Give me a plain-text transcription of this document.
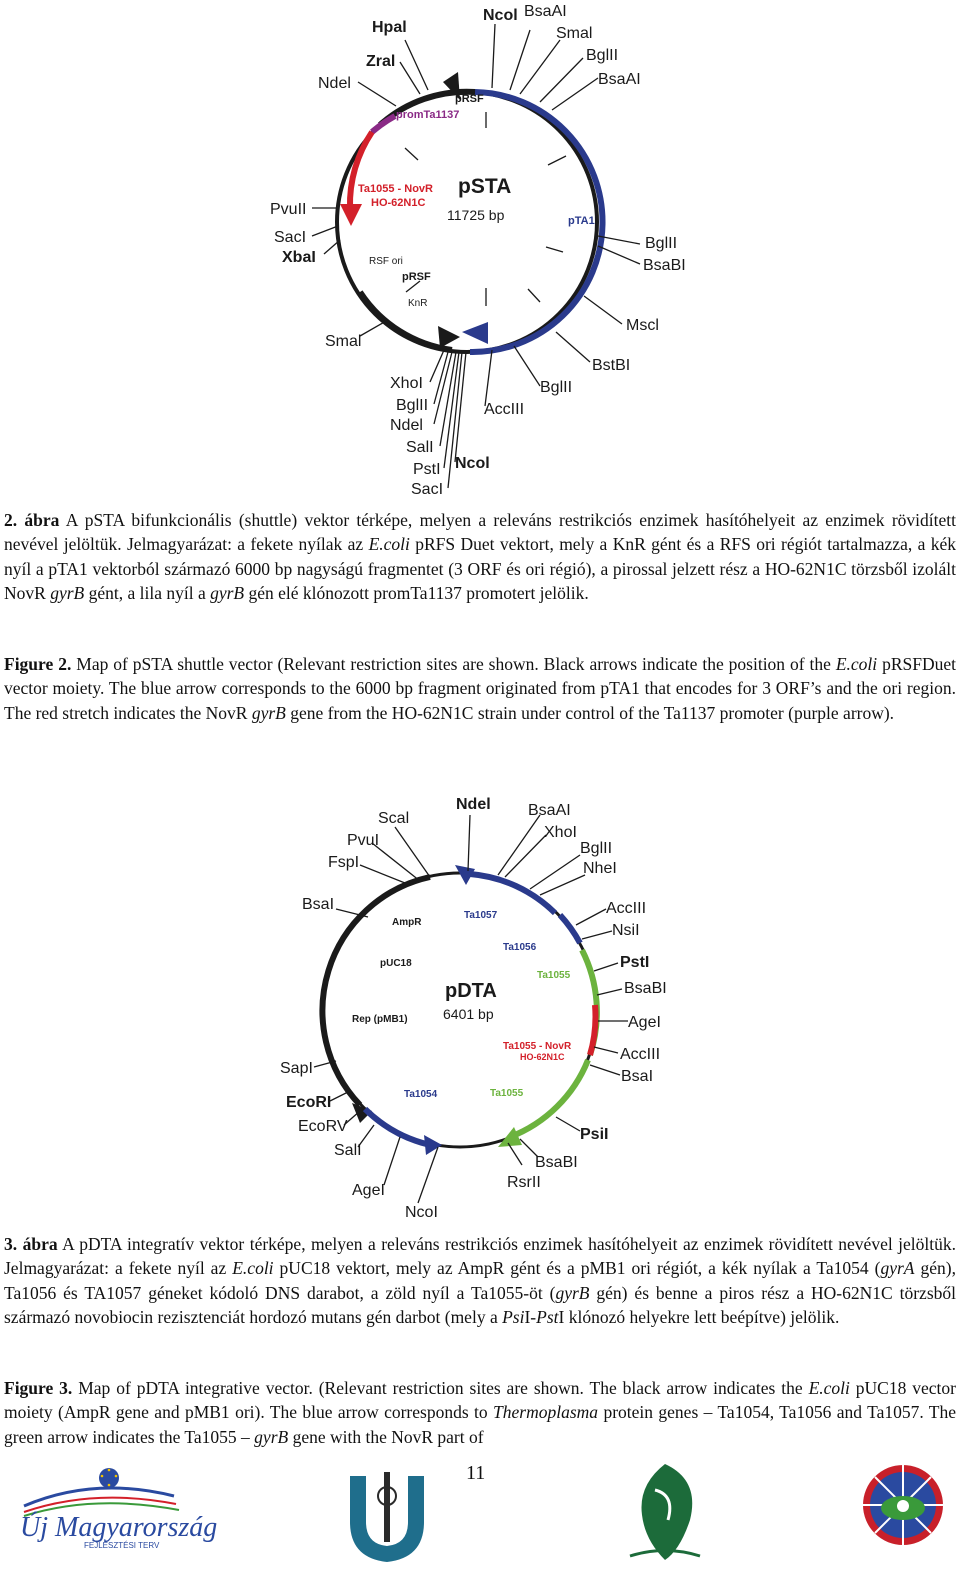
Hpal
Ncol BsaAI
Smal
BglII
BsaAI
Zral
Ndel
PvuII
SacI
XbaI
BglII
BsaBI
Mscl
BstBI
Smal
XhoI
BglII
Ndel
SalI
PstI
SacI
Ncol
BglII
AccIII
pSTA
11725 bp
pRSF
promTa1137
Ta1055 - NovR
HO-62N1C
pTA1
RSF ori
pRSF
KnR

2. ábra A pSTA bifunkcionális (shuttle) vektor térképe, melyen a releváns restrikciós enzimek hasítóhelyeit az enzimek rövidített nevével jelöltük. Jelmagyarázat: a fekete nyílak az E.coli pRFS Duet vektort, mely a KnR gént és a RFS ori régiót tartalmazza, a kék nyíl a pTA1 vektorból származó 6000 bp nagyságú fragmentet (3 ORF és ori régió), a pirossal jelzett rész a HO-62N1C törzsből izolált NovR gyrB gént, a lila nyíl a gyrB gén elé klónozott promTa1137 promotert jelölik.

Figure 2. Map of pSTA shuttle vector (Relevant restriction sites are shown. Black arrows indicate the position of the E.coli pRSFDuet vector moiety. The blue arrow corresponds to the 6000 bp fragment originated from pTA1 that encodes for 3 ORF’s and the ori region. The red stretch indicates the NovR gyrB gene from the HO-62N1C strain under control of the Ta1137 promoter (purple arrow).

Ndel BsaAI
Scal
XhoI
PvuI	BglII
FspI	NheI
BsaI	AccIII
NsiI
PstI
BsaBI
AgeI
AccIII
BsaI
SapI
EcoRI
EcoRV
SalI
AgeI
NcoI
RsrII
BsaBI
PsiI
pDTA
6401 bp
AmpR
Ta1057
Ta1056
pUC18
Ta1055
Rep (pMB1)
Ta1055 - NovR
HO-62N1C
Ta1054	Ta1055

3. ábra A pDTA integratív vektor térképe, melyen a releváns restrikciós enzimek hasítóhelyeit az enzimek rövidített nevével jelöltük. Jelmagyarázat: a fekete nyíl az E.coli pUC18 vektort, mely az AmpR gént és a pMB1 ori régiót, a kék nyílak a Ta1054 (gyrA gén), Ta1056 és TA1057 géneket kódoló DNS darabot, a zöld nyíl a Ta1055-öt (gyrB gén) és benne a piros rész a HO-62N1C törzsből származó novobiocin rezisztenciát hordozó mutans gén darbot (mely a PsiI-PstI klónozó helyekre lett beépítve) jelölik.

Figure 3. Map of pDTA integrative vector. (Relevant restriction sites are shown. The black arrow indicates the E.coli pUC18 vector moiety (AmpR gene and pMB1 ori). The blue arrow corresponds to Thermoplasma protein genes – Ta1054, Ta1056 and Ta1057. The green arrow indicates the Ta1055 – gyrB gene with the NovR part of

11
Új Magyarország
FEJLESZTÉSI TERV
